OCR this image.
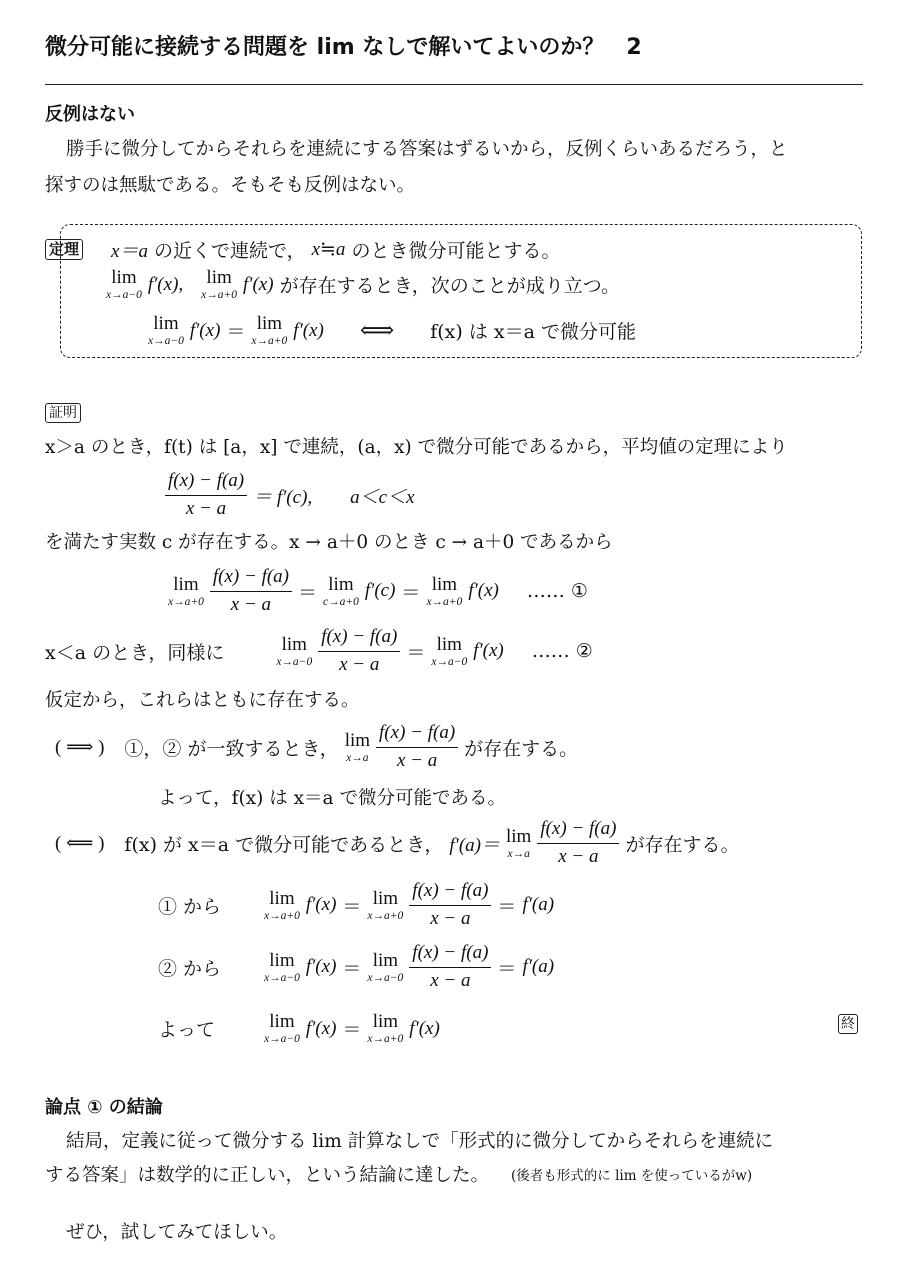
微分可能に接続する問題を lim なしで解いてよいのか？　2
反例はない
勝手に微分してからそれらを連続にする答案はずるいから，反例くらいあるだろう，と
探すのは無駄である。そもそも反例はない。
定理 x＝a の近くで連続で， x≒a のとき微分可能とする。
lim
x→a−0
f′(x), lim
x→a+0
f′(x) が存在するとき，次のことが成り立つ。
lim
x→a−0
f′(x) ＝ lim
x→a+0
f′(x) ⟺ f(x) は x＝a で微分可能
証明
x＞a のとき，f(t) は [a，x] で連続，(a，x) で微分可能であるから，平均値の定理により
$\frac{f(x) - f(a)}{x - a} = f'(c)$, a＜c＜x
を満たす実数 c が存在する。x → a＋0 のとき c → a＋0 であるから
lim
$x\to a+0 \frac{f(x) - f(a)}{x - a} = \lim$
c→a+0
f′(c) ＝ lim
x→a+0
f′(x) …… ①
x＜a のとき，同様に	lim
$x\to a-0 \frac{f(x) - f(a)}{x - a} = \lim$
x→a−0
f′(x) …… ②
仮定から，これらはともに存在する。
( ⟹ ) ①，② が一致するとき， lim
$x\to a \frac{f(x) - f(a)}{x - a}$ が存在する。
よって，f(x) は x＝a で微分可能である。
( ⟸ ) f(x) が x＝a で微分可能であるとき， f′(a)＝ lim
$x\to a \frac{f(x) - f(a)}{x - a}$ が存在する。
① から	lim
x→a+0
f′(x) ＝ lim
$x\to a+0 \frac{f(x) - f(a)}{x - a} = f'(a)$
② から	lim
x→a−0
f′(x) ＝ lim
$x\to a-0 \frac{f(x) - f(a)}{x - a} = f'(a)$
よって	lim
x→a−0
f′(x) ＝ lim
x→a+0
f′(x)	終
論点 ① の結論
結局，定義に従って微分する lim 計算なしで「形式的に微分してからそれらを連続に
する答案」は数学的に正しい，という結論に達した。 (後者も形式的に lim を使っているがw)
ぜひ，試してみてほしい。
